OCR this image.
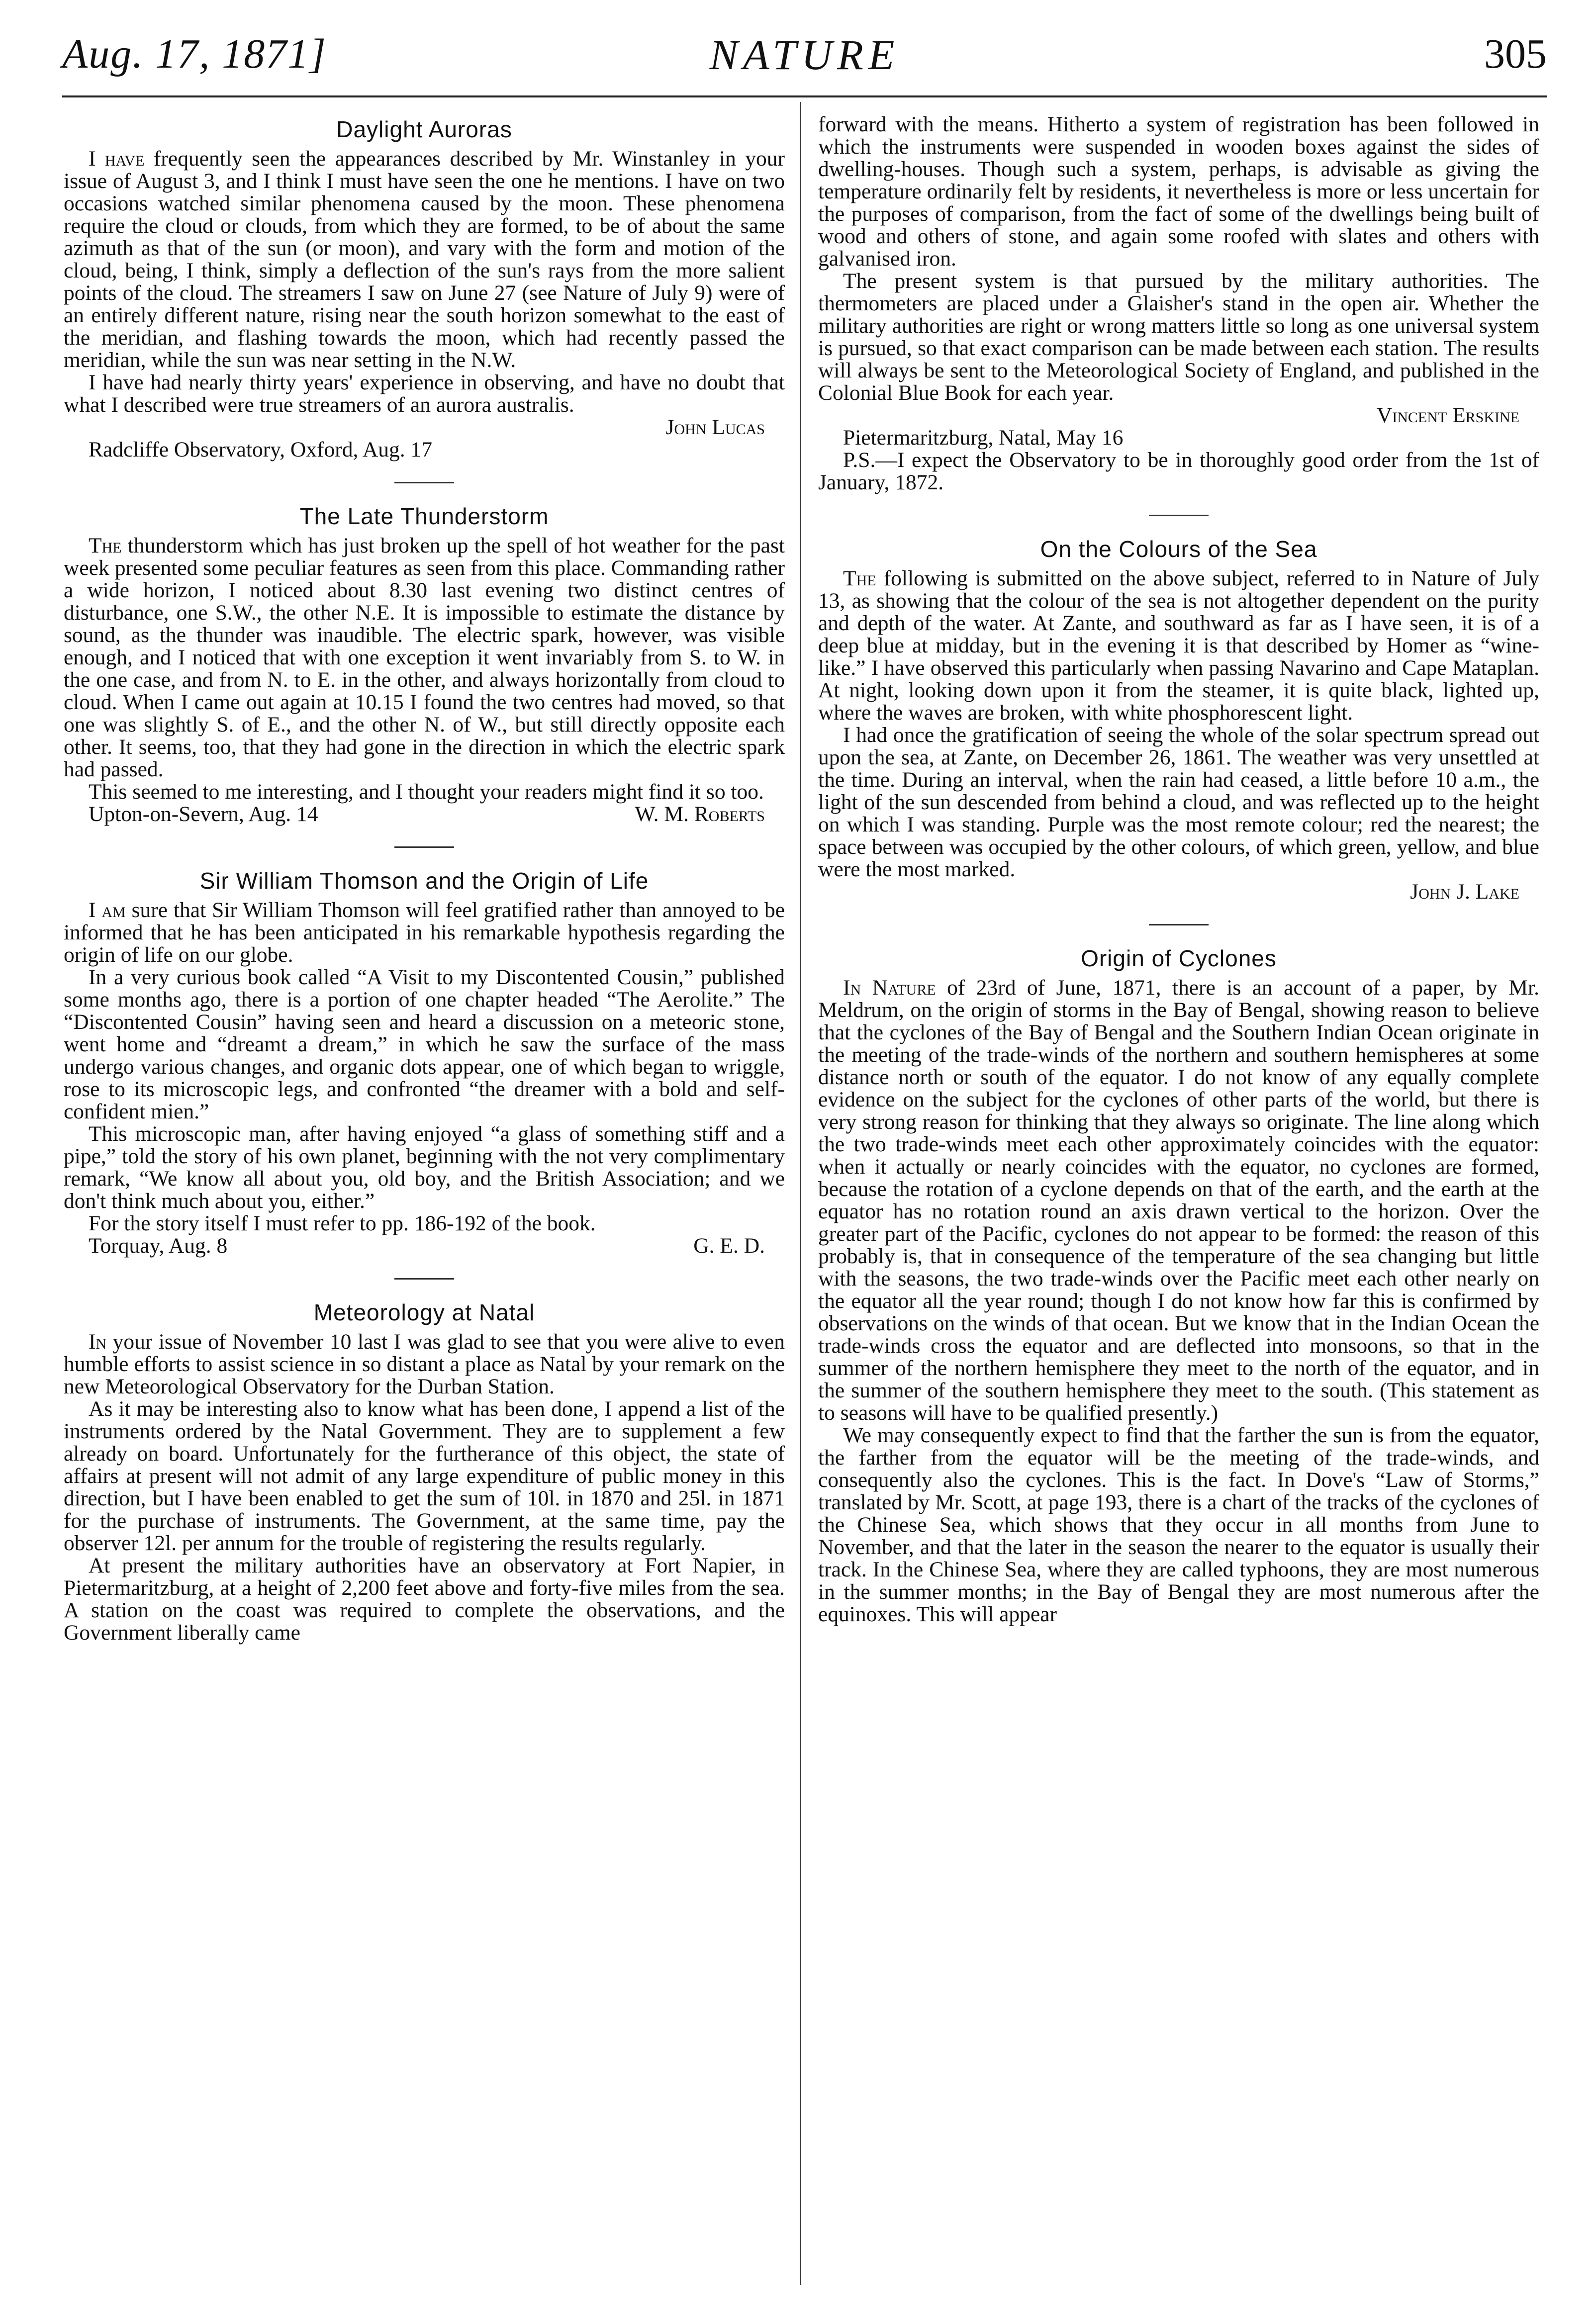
Aug. 17, 1871]	NATURE	305
Daylight Auroras

I have frequently seen the appearances described by Mr. Winstanley in your issue of August 3, and I think I must have seen the one he mentions. I have on two occasions watched similar phenomena caused by the moon. These phenomena require the cloud or clouds, from which they are formed, to be of about the same azimuth as that of the sun (or moon), and vary with the form and motion of the cloud, being, I think, simply a deflection of the sun's rays from the more salient points of the cloud. The streamers I saw on June 27 (see Nature of July 9) were of an entirely different nature, rising near the south horizon somewhat to the east of the meridian, and flashing towards the moon, which had recently passed the meridian, while the sun was near setting in the N.W.

I have had nearly thirty years' experience in observing, and have no doubt that what I described were true streamers of an aurora australis.

John Lucas

Radcliffe Observatory, Oxford, Aug. 17

The Late Thunderstorm

The thunderstorm which has just broken up the spell of hot weather for the past week presented some peculiar features as seen from this place. Commanding rather a wide horizon, I noticed about 8.30 last evening two distinct centres of disturbance, one S.W., the other N.E. It is impossible to estimate the distance by sound, as the thunder was inaudible. The electric spark, however, was visible enough, and I noticed that with one exception it went invariably from S. to W. in the one case, and from N. to E. in the other, and always horizontally from cloud to cloud. When I came out again at 10.15 I found the two centres had moved, so that one was slightly S. of E., and the other N. of W., but still directly opposite each other. It seems, too, that they had gone in the direction in which the electric spark had passed.

This seemed to me interesting, and I thought your readers might find it so too.

Upton-on-Severn, Aug. 14	W. M. Roberts
Sir William Thomson and the Origin of Life

I am sure that Sir William Thomson will feel gratified rather than annoyed to be informed that he has been anticipated in his remarkable hypothesis regarding the origin of life on our globe.

In a very curious book called “A Visit to my Discontented Cousin,” published some months ago, there is a portion of one chapter headed “The Aerolite.” The “Discontented Cousin” having seen and heard a discussion on a meteoric stone, went home and “dreamt a dream,” in which he saw the surface of the mass undergo various changes, and organic dots appear, one of which began to wriggle, rose to its microscopic legs, and confronted “the dreamer with a bold and self-confident mien.”

This microscopic man, after having enjoyed “a glass of something stiff and a pipe,” told the story of his own planet, beginning with the not very complimentary remark, “We know all about you, old boy, and the British Association; and we don't think much about you, either.”

For the story itself I must refer to pp. 186-192 of the book.

Torquay, Aug. 8	G. E. D.
Meteorology at Natal

In your issue of November 10 last I was glad to see that you were alive to even humble efforts to assist science in so distant a place as Natal by your remark on the new Meteorological Observatory for the Durban Station.

As it may be interesting also to know what has been done, I append a list of the instruments ordered by the Natal Government. They are to supplement a few already on board. Unfortunately for the furtherance of this object, the state of affairs at present will not admit of any large expenditure of public money in this direction, but I have been enabled to get the sum of 10l. in 1870 and 25l. in 1871 for the purchase of instruments. The Government, at the same time, pay the observer 12l. per annum for the trouble of registering the results regularly.

At present the military authorities have an observatory at Fort Napier, in Pietermaritzburg, at a height of 2,200 feet above and forty-five miles from the sea. A station on the coast was required to complete the observations, and the Government liberally came

forward with the means. Hitherto a system of registration has been followed in which the instruments were suspended in wooden boxes against the sides of dwelling-houses. Though such a system, perhaps, is advisable as giving the temperature ordinarily felt by residents, it nevertheless is more or less uncertain for the purposes of comparison, from the fact of some of the dwellings being built of wood and others of stone, and again some roofed with slates and others with galvanised iron.

The present system is that pursued by the military authorities. The thermometers are placed under a Glaisher's stand in the open air. Whether the military authorities are right or wrong matters little so long as one universal system is pursued, so that exact comparison can be made between each station. The results will always be sent to the Meteorological Society of England, and published in the Colonial Blue Book for each year.

Vincent Erskine

Pietermaritzburg, Natal, May 16

P.S.—I expect the Observatory to be in thoroughly good order from the 1st of January, 1872.

On the Colours of the Sea

The following is submitted on the above subject, referred to in Nature of July 13, as showing that the colour of the sea is not altogether dependent on the purity and depth of the water. At Zante, and southward as far as I have seen, it is of a deep blue at midday, but in the evening it is that described by Homer as “wine-like.” I have observed this particularly when passing Navarino and Cape Mataplan. At night, looking down upon it from the steamer, it is quite black, lighted up, where the waves are broken, with white phosphorescent light.

I had once the gratification of seeing the whole of the solar spectrum spread out upon the sea, at Zante, on December 26, 1861. The weather was very unsettled at the time. During an interval, when the rain had ceased, a little before 10 a.m., the light of the sun descended from behind a cloud, and was reflected up to the height on which I was standing. Purple was the most remote colour; red the nearest; the space between was occupied by the other colours, of which green, yellow, and blue were the most marked.

John J. Lake
Origin of Cyclones

In Nature of 23rd of June, 1871, there is an account of a paper, by Mr. Meldrum, on the origin of storms in the Bay of Bengal, showing reason to believe that the cyclones of the Bay of Bengal and the Southern Indian Ocean originate in the meeting of the trade-winds of the northern and southern hemispheres at some distance north or south of the equator. I do not know of any equally complete evidence on the subject for the cyclones of other parts of the world, but there is very strong reason for thinking that they always so originate. The line along which the two trade-winds meet each other approximately coincides with the equator: when it actually or nearly coincides with the equator, no cyclones are formed, because the rotation of a cyclone depends on that of the earth, and the earth at the equator has no rotation round an axis drawn vertical to the horizon. Over the greater part of the Pacific, cyclones do not appear to be formed: the reason of this probably is, that in consequence of the temperature of the sea changing but little with the seasons, the two trade-winds over the Pacific meet each other nearly on the equator all the year round; though I do not know how far this is confirmed by observations on the winds of that ocean. But we know that in the Indian Ocean the trade-winds cross the equator and are deflected into monsoons, so that in the summer of the northern hemisphere they meet to the north of the equator, and in the summer of the southern hemisphere they meet to the south. (This statement as to seasons will have to be qualified presently.)

We may consequently expect to find that the farther the sun is from the equator, the farther from the equator will be the meeting of the trade-winds, and consequently also the cyclones. This is the fact. In Dove's “Law of Storms,” translated by Mr. Scott, at page 193, there is a chart of the tracks of the cyclones of the Chinese Sea, which shows that they occur in all months from June to November, and that the later in the season the nearer to the equator is usually their track. In the Chinese Sea, where they are called typhoons, they are most numerous in the summer months; in the Bay of Bengal they are most numerous after the equinoxes. This will appear
